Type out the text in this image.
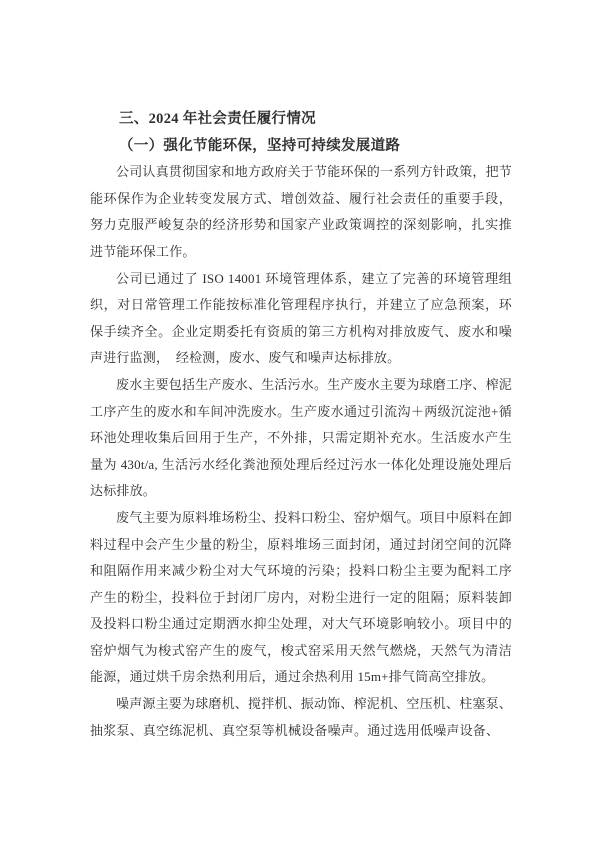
三、2024 年社会责任履行情况
（一）强化节能环保，坚持可持续发展道路

公司认真贯彻国家和地方政府关于节能环保的一系列方针政策，把节能环保作为企业转变发展方式、增创效益、履行社会责任的重要手段，努力克服严峻复杂的经济形势和国家产业政策调控的深刻影响，扎实推进节能环保工作。

公司已通过了 ISO 14001 环境管理体系，建立了完善的环境管理组织，对日常管理工作能按标准化管理程序执行，并建立了应急预案，环保手续齐全。企业定期委托有资质的第三方机构对排放废气、废水和噪声进行监测，　经检测，废水、废气和噪声达标排放。

废水主要包括生产废水、生活污水。生产废水主要为球磨工序、榨泥工序产生的废水和车间冲洗废水。生产废水通过引流沟＋两级沉淀池+循环池处理收集后回用于生产，不外排，只需定期补充水。生活废水产生量为 430t/a, 生活污水经化粪池预处理后经过污水一体化处理设施处理后达标排放。

废气主要为原料堆场粉尘、投料口粉尘、窑炉烟气。项目中原料在卸料过程中会产生少量的粉尘，原料堆场三面封闭，通过封闭空间的沉降和阻隔作用来减少粉尘对大气环境的污染；投料口粉尘主要为配料工序产生的粉尘，投料位于封闭厂房内，对粉尘进行一定的阻隔；原料装卸及投料口粉尘通过定期洒水抑尘处理，对大气环境影响较小。项目中的窑炉烟气为梭式窑产生的废气，梭式窑采用天然气燃烧，天然气为清洁能源，通过烘千房余热利用后，通过余热利用 15m+排气筒高空排放。

噪声源主要为球磨机、搅拌机、振动饰、榨泥机、空压机、柱塞泵、抽浆泵、真空练泥机、真空泵等机械设备噪声。通过选用低噪声设备、
